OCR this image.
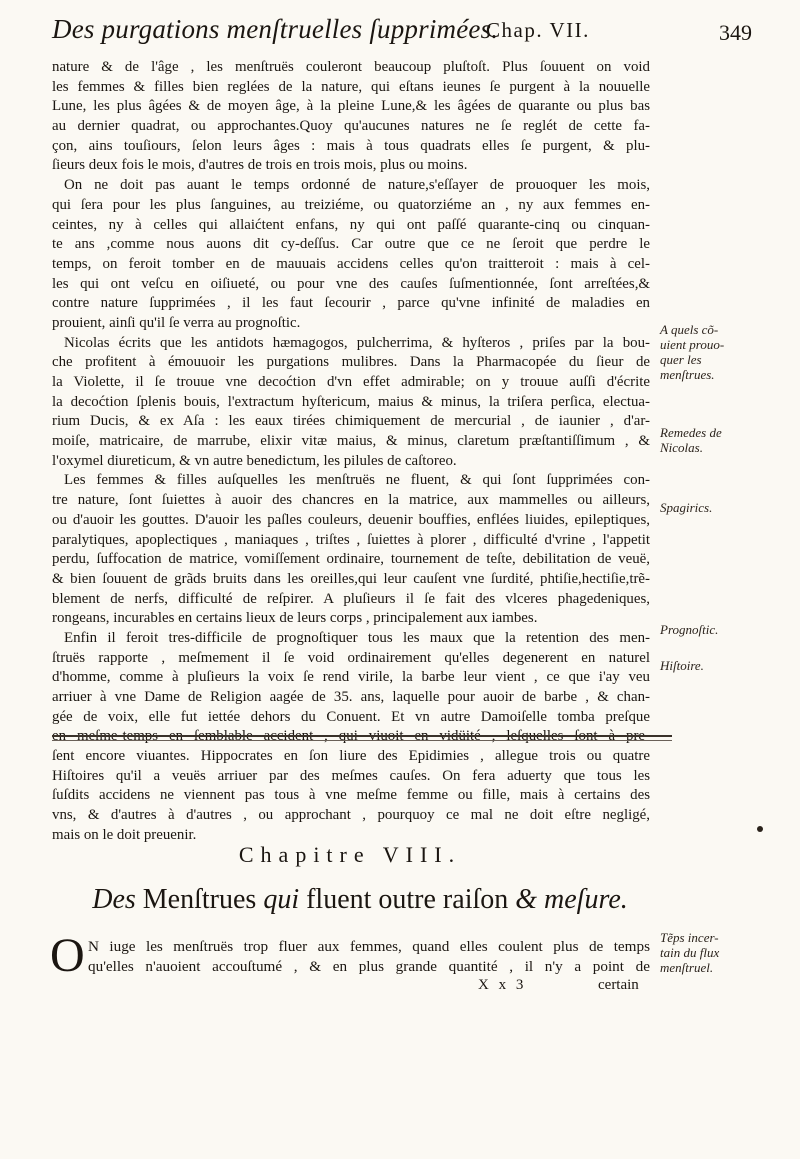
Des purgations menſtruelles ſupprimées.
Chap. VII.	349
nature & de l'âge , les menſtruës couleront beaucoup pluſtoſt. Plus ſouuent on void
les femmes & filles bien reglées de la nature, qui eſtans ieunes ſe purgent à la nouuelle
Lune, les plus âgées & de moyen âge, à la pleine Lune,& les âgées de quarante ou plus bas
au dernier quadrat, ou approchantes.Quoy qu'aucunes natures ne ſe reglét de cette fa-
çon, ains touſiours, ſelon leurs âges : mais à tous quadrats elles ſe purgent, & plu-
ſieurs deux fois le mois, d'autres de trois en trois mois, plus ou moins.
On ne doit pas auant le temps ordonné de nature,s'eſſayer de prouoquer les mois,
qui ſera pour les plus ſanguines, au treiziéme, ou quatorziéme an , ny aux femmes en-
ceintes, ny à celles qui allaićtent enfans, ny qui ont paſſé quarante-cinq ou cinquan-
te ans ,comme nous auons dit cy-deſſus. Car outre que ce ne ſeroit que perdre le
temps, on feroit tomber en de mauuais accidens celles qu'on traitteroit : mais à cel-
les qui ont veſcu en oiſiueté, ou pour vne des cauſes ſuſmentionnée, ſont arreſtées,&
contre nature ſupprimées , il les faut ſecourir , parce qu'vne infinité de maladies en
prouient, ainſi qu'il ſe verra au prognoſtic.
Nicolas écrits que les antidots hæmagogos, pulcherrima, & hyſteros , priſes par la bou-
che profitent à émouuoir les purgations mulibres. Dans la Pharmacopée du ſieur de
la Violette, il ſe trouue vne decoćtion d'vn effet admirable; on y trouue auſſi d'écrite
la decoćtion ſplenis bouis, l'extractum hyſtericum, maius & minus, la triſera perſica, electua-
rium Ducis, & ex Aſa : les eaux tirées chimiquement de mercurial , de iaunier , d'ar-
moiſe, matricaire, de marrube, elixir vitæ maius, & minus, claretum præſtantiſſimum , &
l'oxymel diureticum, & vn autre benedictum, les pilules de caſtoreo.
Les femmes & filles auſquelles les menſtruës ne fluent, & qui ſont ſupprimées con-
tre nature, ſont ſuiettes à auoir des chancres en la matrice, aux mammelles ou ailleurs,
ou d'auoir les gouttes. D'auoir les paſles couleurs, deuenir bouffies, enflées liuides, epileptiques,
paralytiques, apoplectiques , maniaques , triſtes , ſuiettes à plorer , difficulté d'vrine , l'appetit
perdu, ſuffocation de matrice, vomiſſement ordinaire, tournement de teſte, debilitation de veuë,
& bien ſouuent de grãds bruits dans les oreilles,qui leur cauſent vne ſurdité, phtiſie,hectiſie,trẽ-
blement de nerfs, difficulté de reſpirer. A pluſieurs il ſe fait des vlceres phagedeniques,
rongeans, incurables en certains lieux de leurs corps , principalement aux iambes.
Enfin il feroit tres-difficile de prognoſtiquer tous les maux que la retention des men-
ſtruës rapporte , meſmement il ſe void ordinairement qu'elles degenerent en naturel
d'homme, comme à pluſieurs la voix ſe rend virile, la barbe leur vient , ce que i'ay veu
arriuer à vne Dame de Religion aagée de 35. ans, laquelle pour auoir de barbe , & chan-
gée de voix, elle fut iettée dehors du Conuent. Et vn autre Damoiſelle tomba preſque
ſent encore viuantes. Hippocrates en ſon liure des Epidimies , allegue trois ou quatre
Hiſtoires qu'il a veuës arriuer par des meſmes cauſes. On fera aduerty que tous les
ſuſdits accidens ne viennent pas tous à vne meſme femme ou fille, mais à certains des
vns, & d'autres à d'autres , ou approchant , pourquoy ce mal ne doit eſtre negligé,
mais on le doit preuenir.
A quels cõ-
uient prouo-
quer les
menſtrues.
Remedes de
Nicolas.
Spagirics.
Prognoſtic.
Hiſtoire.
Tẽps incer-
tain du flux
menſtruel.
Chapitre VIII.
Des Menſtrues qui fluent outre raiſon & meſure.
O N iuge les menſtruës trop fluer aux femmes, quand elles coulent plus de temps
qu'elles n'auoient accouſtumé , & en plus grande quantité , il n'y a point de
X x 3	certain
